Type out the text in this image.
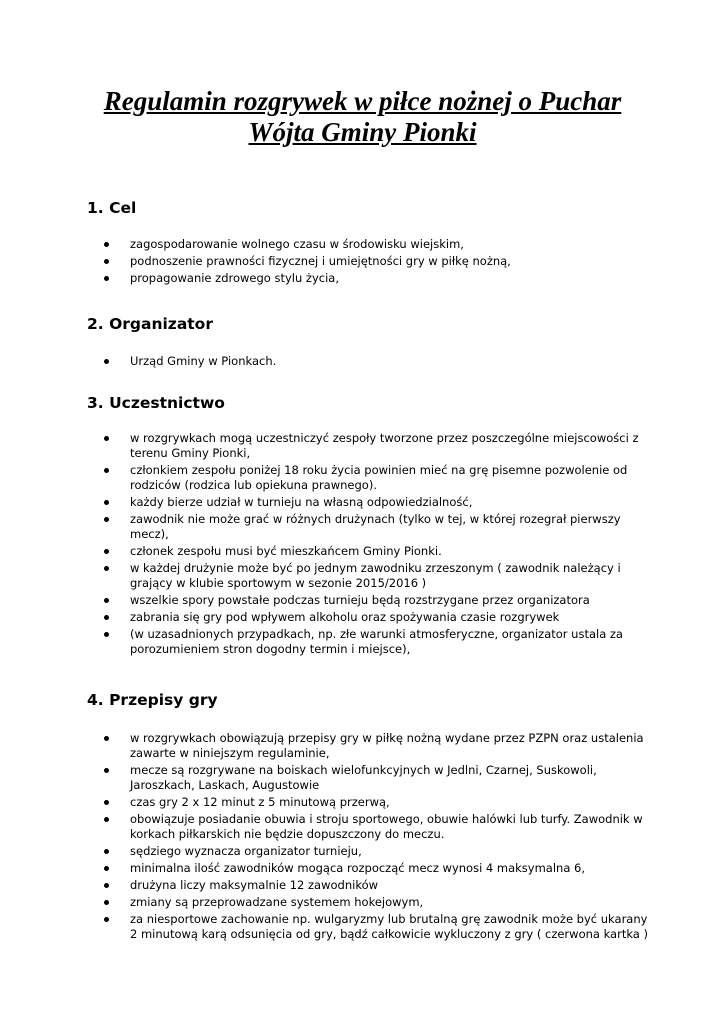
Regulamin rozgrywek w piłce nożnej o Puchar
Wójta Gminy Pionki
1. Cel
zagospodarowanie wolnego czasu w środowisku wiejskim,
podnoszenie prawności fizycznej i umiejętności gry w piłkę nożną,
propagowanie zdrowego stylu życia,
2. Organizator
Urząd Gminy w Pionkach.
3. Uczestnictwo
w rozgrywkach mogą uczestniczyć zespoły tworzone przez poszczególne miejscowości z terenu Gminy Pionki,
członkiem zespołu poniżej 18 roku życia powinien mieć na grę pisemne pozwolenie od rodziców (rodzica lub opiekuna prawnego).
każdy bierze udział w turnieju na własną odpowiedzialność,
zawodnik nie może grać w różnych drużynach (tylko w tej, w której rozegrał pierwszy mecz),
członek zespołu musi być mieszkańcem Gminy Pionki.
w każdej drużynie może być po jednym zawodniku zrzeszonym ( zawodnik należący i grający w klubie sportowym w sezonie 2015/2016 )
wszelkie spory powstałe podczas turnieju będą rozstrzygane przez organizatora
zabrania się gry pod wpływem alkoholu oraz spożywania czasie rozgrywek
(w uzasadnionych przypadkach, np. złe warunki atmosferyczne, organizator ustala za porozumieniem stron dogodny termin i miejsce),
4. Przepisy gry
w rozgrywkach obowiązują przepisy gry w piłkę nożną wydane przez PZPN oraz ustalenia zawarte w niniejszym regulaminie,
mecze są rozgrywane na boiskach wielofunkcyjnych w Jedlni, Czarnej, Suskowoli, Jaroszkach, Laskach, Augustowie
czas gry 2 x 12 minut z 5 minutową przerwą,
obowiązuje posiadanie obuwia i stroju sportowego, obuwie halówki lub turfy. Zawodnik w korkach piłkarskich nie będzie dopuszczony do meczu.
sędziego wyznacza organizator turnieju,
minimalna ilość zawodników mogąca rozpocząć mecz wynosi 4 maksymalna 6,
drużyna liczy maksymalnie 12 zawodników
zmiany są przeprowadzane systemem hokejowym,
za niesportowe zachowanie np. wulgaryzmy lub brutalną grę zawodnik może być ukarany 2 minutową karą odsunięcia od gry, bądź całkowicie wykluczony z gry ( czerwona kartka )
